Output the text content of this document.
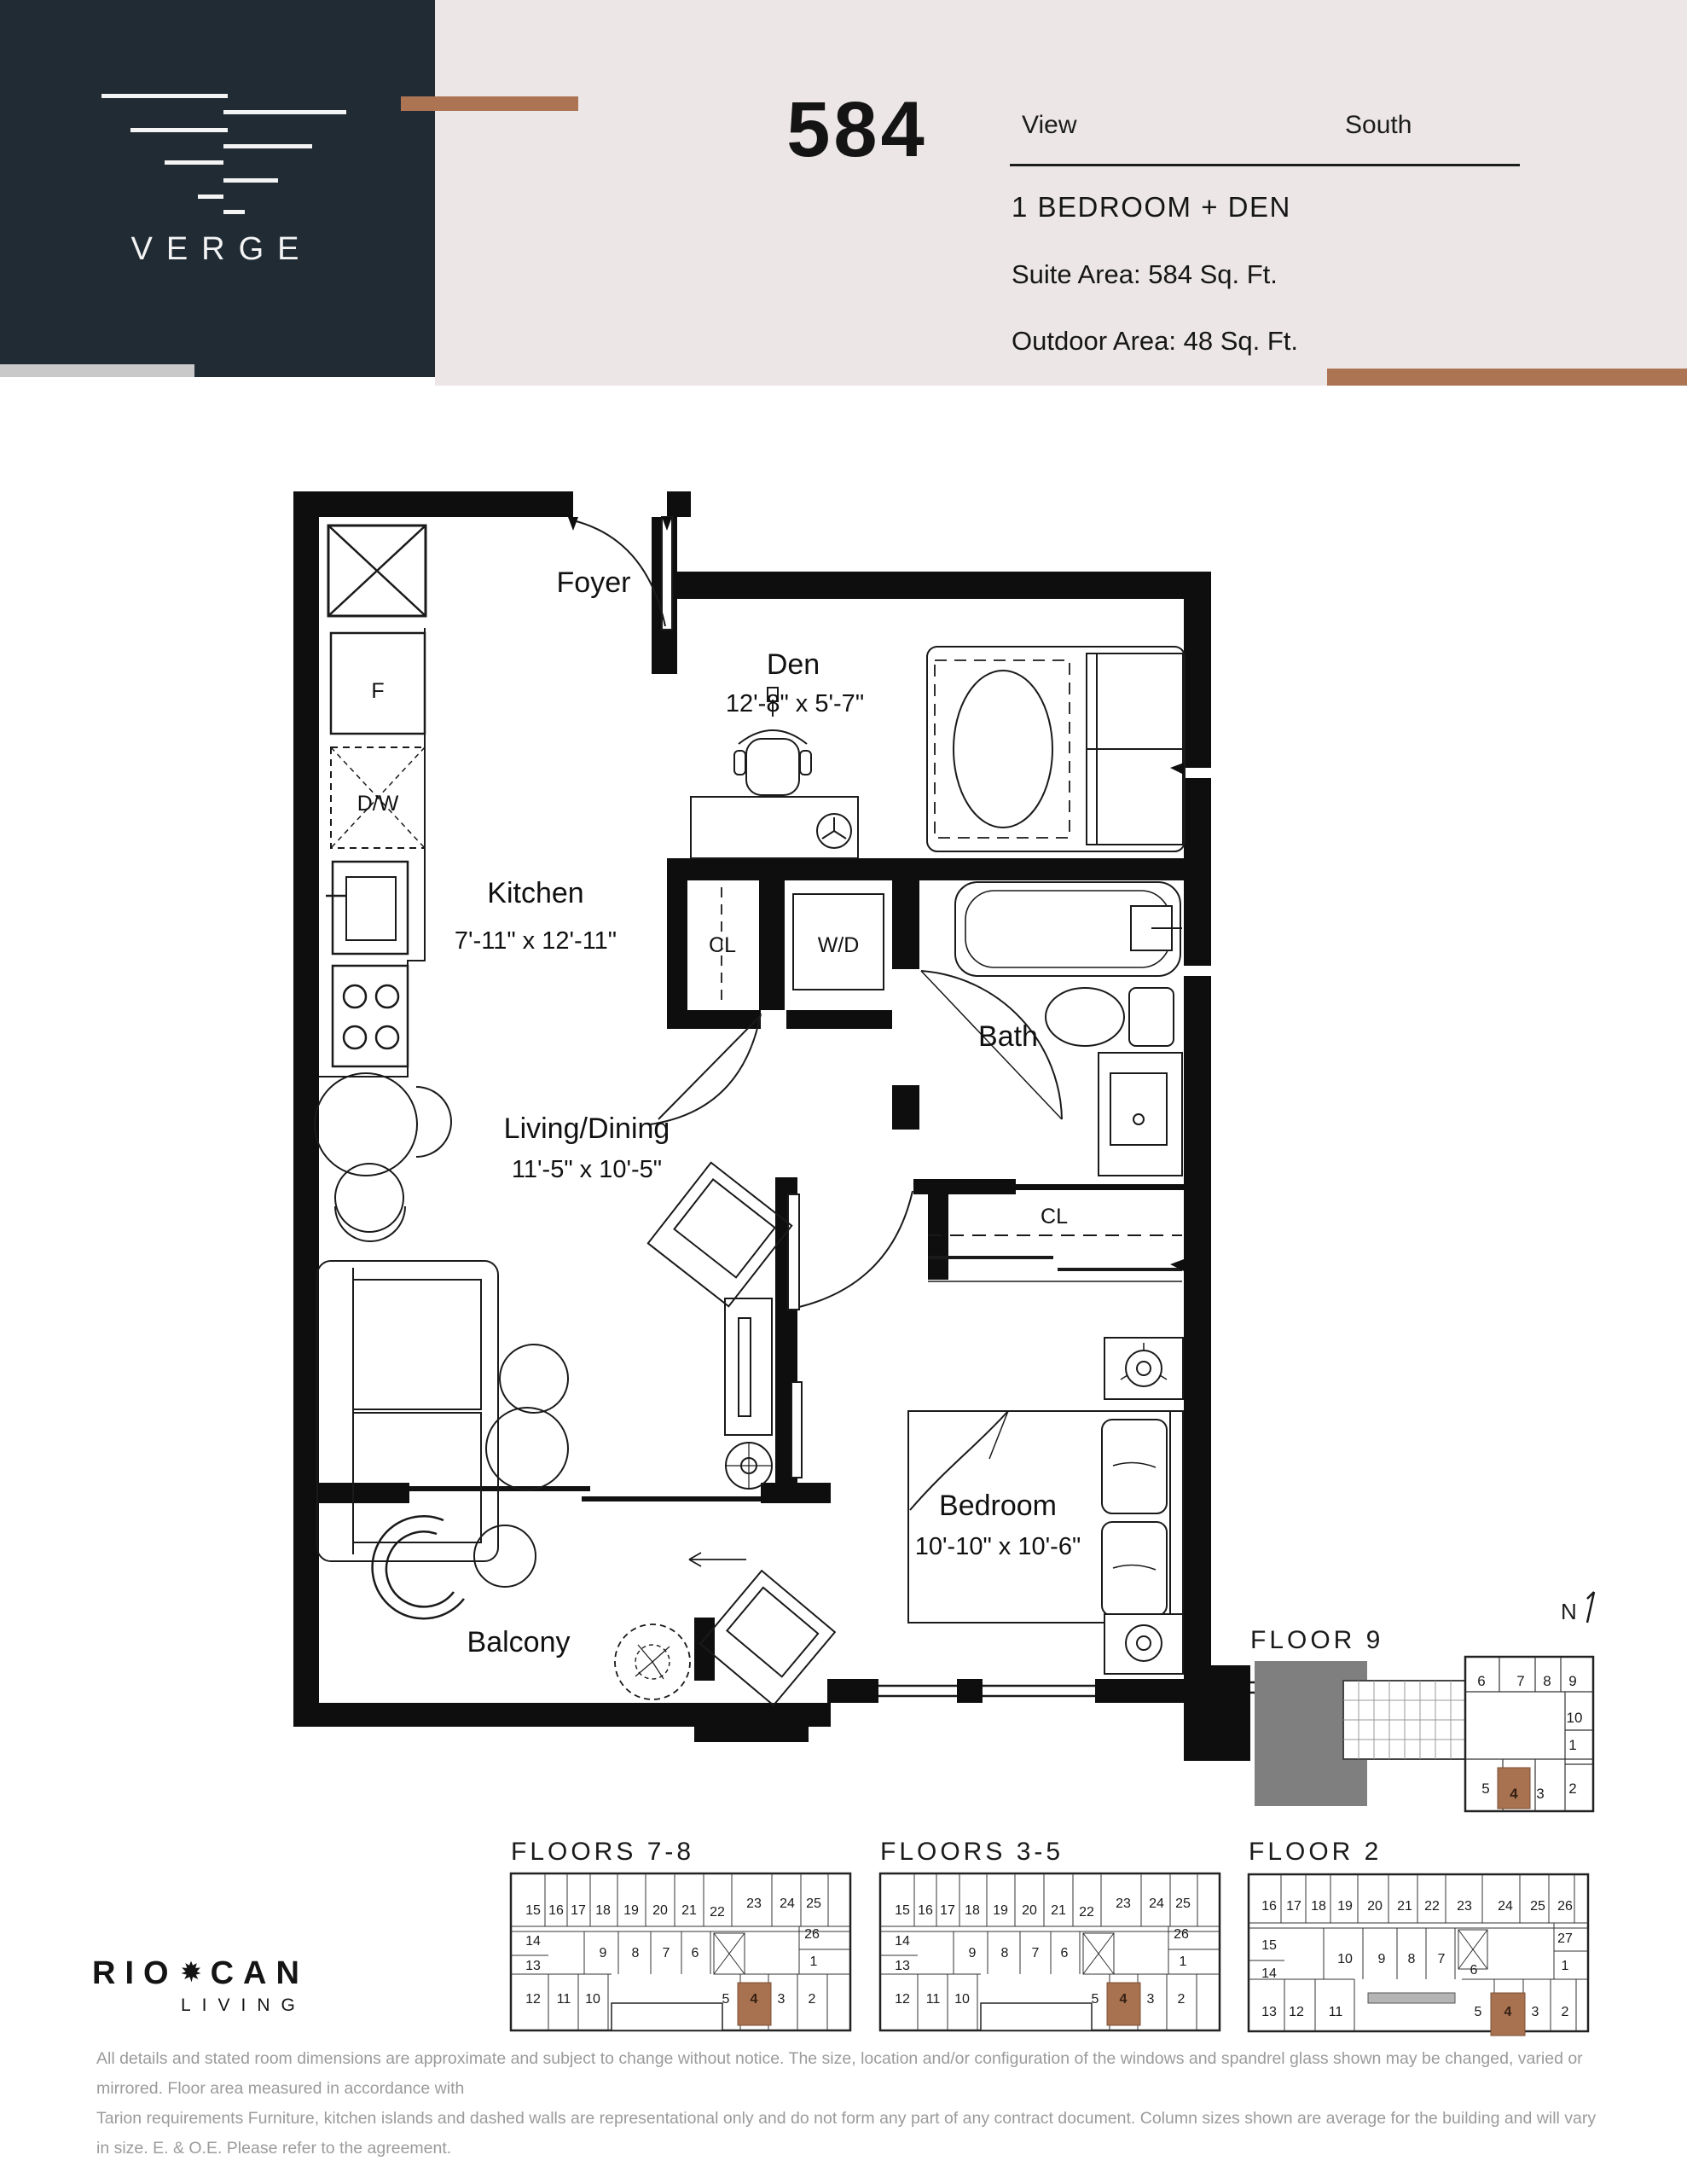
VERGE
584	View	South
1 BEDROOM + DEN
Suite Area: 584 Sq. Ft.
Outdoor Area: 48 Sq. Ft.
Foyer
Den
12'-8" x 5'-7"
Kitchen
7'-11" x 12'-11"
F
D/W
CL	W/D
Bath
CL
Living/Dining
11'-5" x 10'-5"
Bedroom
10'-10" x 10'-6"
Balcony	FLOOR 9
N
6 7 8 9
10
1
2
5 4 3
FLOORS 7-8
15 16 17 18 19 20 21 22
23 24 25
14
9 8 7 6
26
1
13
12 11 10	5 4 3 2
FLOORS 3-5
15 16 17 18 19 20 21 22
23 24 25
14
9 8 7 6
26
1
13
12 11 10	5 4 3 2
FLOOR 2
16 17 18 19 20 21 22 23 24 25 26
15
10 9 8 7
6
27
1
14
13 12 11	5 4 3 2
RIO CAN
LIVING
All details and stated room dimensions are approximate and subject to change without notice. The size, location and/or configuration of the windows and spandrel glass shown may be changed, varied or mirrored. Floor area measured in accordance with
Tarion requirements Furniture, kitchen islands and dashed walls are representational only and do not form any part of any contract document. Column sizes shown are average for the building and will vary in size. E. & O.E. Please refer to the agreement.
